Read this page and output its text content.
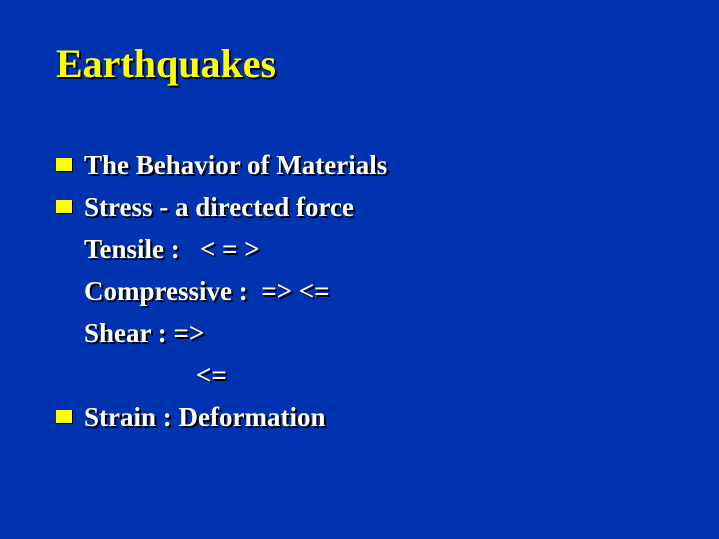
Earthquakes
The Behavior of Materials
Stress - a directed force
Tensile :   < = >
Compressive :  => <=
Shear : =>
<=
Strain : Deformation
